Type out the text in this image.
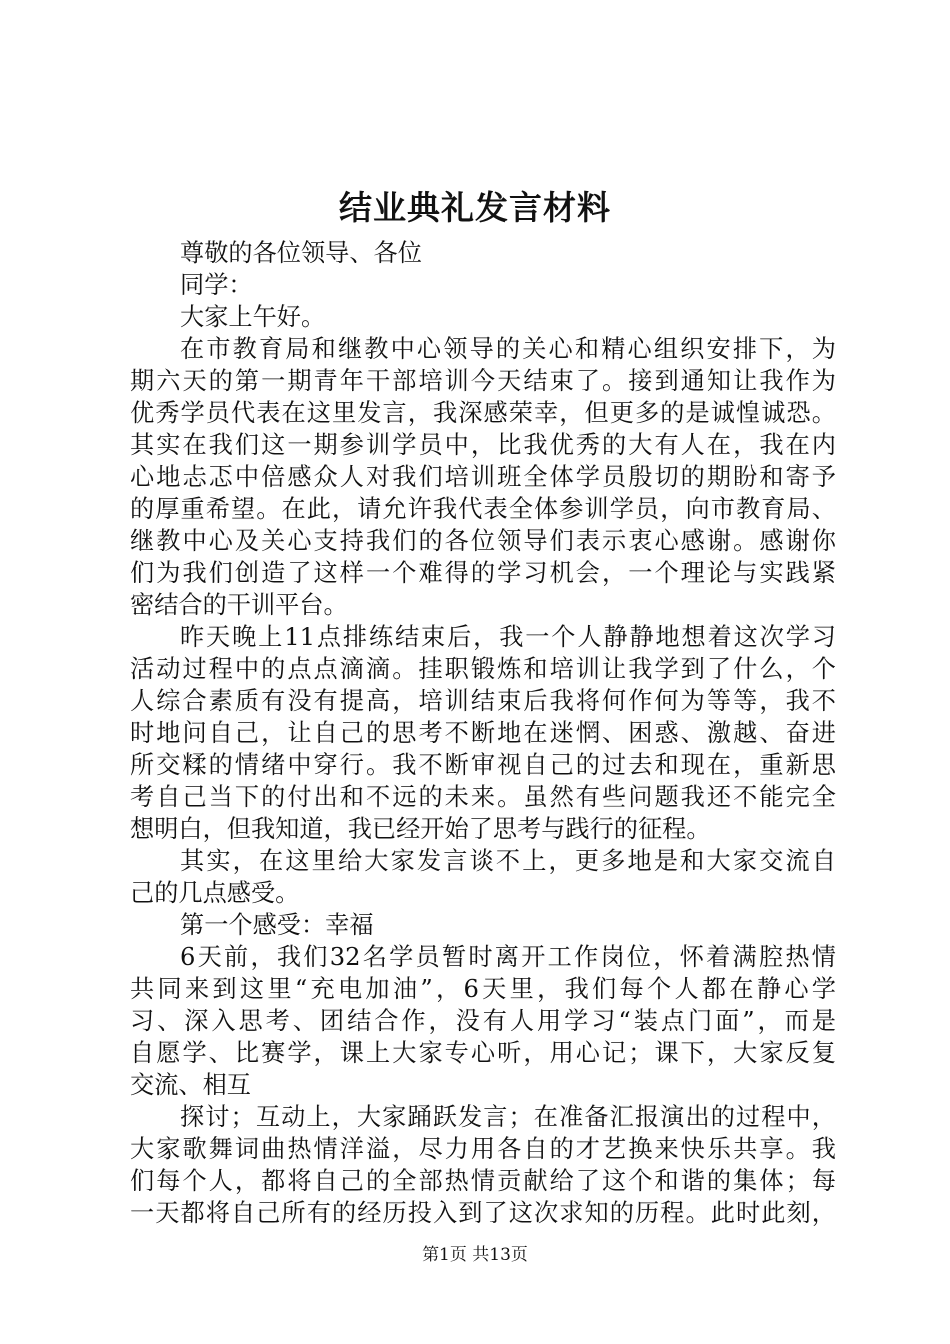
结业典礼发言材料
尊敬的各位领导、各位
同学：
大家上午好。
在市教育局和继教中心领导的关心和精心组织安排下，为
期六天的第一期青年干部培训今天结束了。接到通知让我作为
优秀学员代表在这里发言，我深感荣幸，但更多的是诚惶诚恐。
其实在我们这一期参训学员中，比我优秀的大有人在，我在内
心地忐忑中倍感众人对我们培训班全体学员殷切的期盼和寄予
的厚重希望。在此，请允许我代表全体参训学员，向市教育局、
继教中心及关心支持我们的各位领导们表示衷心感谢。感谢你
们为我们创造了这样一个难得的学习机会，一个理论与实践紧
密结合的干训平台。
昨天晚上11点排练结束后，我一个人静静地想着这次学习
活动过程中的点点滴滴。挂职锻炼和培训让我学到了什么，个
人综合素质有没有提高，培训结束后我将何作何为等等，我不
时地问自己，让自己的思考不断地在迷惘、困惑、激越、奋进
所交糅的情绪中穿行。我不断审视自己的过去和现在，重新思
考自己当下的付出和不远的未来。虽然有些问题我还不能完全
想明白，但我知道，我已经开始了思考与践行的征程。
其实，在这里给大家发言谈不上，更多地是和大家交流自
己的几点感受。
第一个感受：幸福
6天前，我们32名学员暂时离开工作岗位，怀着满腔热情
共同来到这里“充电加油”，6天里，我们每个人都在静心学
习、深入思考、团结合作，没有人用学习“装点门面”，而是
自愿学、比赛学，课上大家专心听，用心记；课下，大家反复
交流、相互
探讨；互动上，大家踊跃发言；在准备汇报演出的过程中，
大家歌舞词曲热情洋溢，尽力用各自的才艺换来快乐共享。我
们每个人，都将自己的全部热情贡献给了这个和谐的集体；每
一天都将自己所有的经历投入到了这次求知的历程。此时此刻，
第1页 共13页
